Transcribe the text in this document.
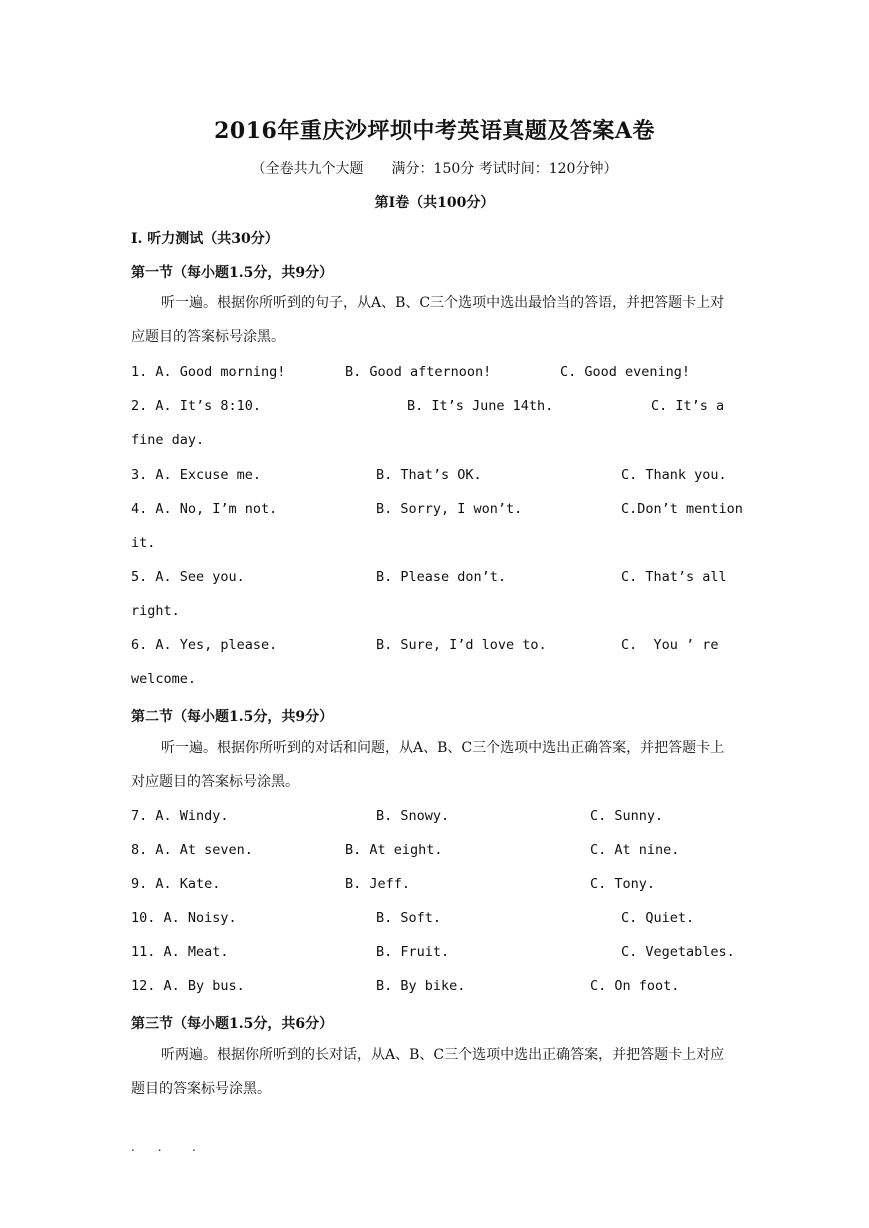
2016年重庆沙坪坝中考英语真题及答案A卷
（全卷共九个大题　　满分：150分 考试时间：120分钟）
第Ⅰ卷（共100分）
I. 听力测试（共30分）
第一节（每小题1.5分，共9分）
听一遍。根据你所听到的句子，从A、B、C三个选项中选出最恰当的答语，并把答题卡上对应题目的答案标号涂黑。
1. A. Good morning!	B. Good afternoon!	C. Good evening!
2. A. It’s 8:10.	B. It’s June 14th.	C. It’s a
fine day.
3. A. Excuse me.	B. That’s OK.	C. Thank you.
4. A. No, I’m not.	B. Sorry, I won’t.	C.Don’t mention
it.
5. A. See you.	B. Please don’t.	C. That’s all
right.
6. A. Yes, please.	B. Sure, I’d love to.	C.  You ’ re
welcome.
第二节（每小题1.5分，共9分）
听一遍。根据你所听到的对话和问题，从A、B、C三个选项中选出正确答案，并把答题卡上对应题目的答案标号涂黑。
7. A. Windy.	B. Snowy.	C. Sunny.
8. A. At seven.	B. At eight.	C. At nine.
9. A. Kate.	B. Jeff.	C. Tony.
10. A. Noisy.	B. Soft.	C. Quiet.
11. A. Meat.	B. Fruit.	C. Vegetables.
12. A. By bus.	B. By bike.	C. On foot.
第三节（每小题1.5分，共6分）
听两遍。根据你所听到的长对话，从A、B、C三个选项中选出正确答案，并把答题卡上对应题目的答案标号涂黑。
.      .        .
